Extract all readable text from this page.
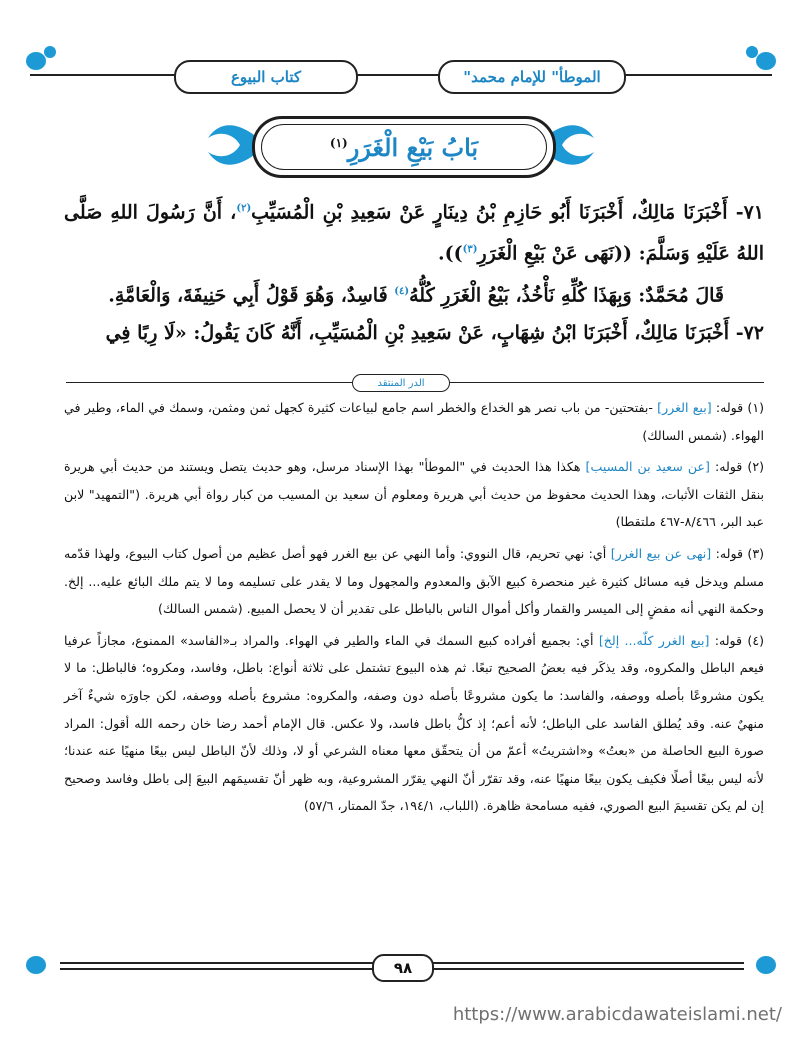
كتاب البيوع	"الموطأ" للإمام محمد
بَابُ بَيْعِ الْغَرَرِ$^{(١)}$
٧١- أَخْبَرَنَا مَالِكٌ، أَخْبَرَنَا أَبُو حَازِمِ بْنُ دِينَارٍ عَنْ سَعِيدِ بْنِ الْمُسَيِّبِ$^{(٢)}$، أَنَّ رَسُولَ اللهِ صَلَّى اللهُ عَلَيْهِ وَسَلَّمَ: ((نَهَى عَنْ بَيْعِ الْغَرَرِ$^{(٣)}$)).
قَالَ مُحَمَّدٌ: وَبِهَذَا كُلِّهِ نَأْخُذُ، بَيْعُ الْغَرَرِ كُلُّهُ$^{(٤)}$ فَاسِدٌ، وَهُوَ قَوْلُ أَبِي حَنِيفَةَ، وَالْعَامَّةِ.
٧٢- أَخْبَرَنَا مَالِكٌ، أَخْبَرَنَا ابْنُ شِهَابٍ، عَنْ سَعِيدِ بْنِ الْمُسَيِّبِ، أَنَّهُ كَانَ يَقُولُ: «لَا رِبًا فِي
الدر المنتقد
(١) قوله: [بيع الغرر] -بفتحتين- من باب نصر هو الخداع والخطر اسم جامع لبياعات كثيرة كجهل ثمن ومثمن، وسمك في الماء، وطير في الهواء. (شمس السالك)
(٢) قوله: [عن سعيد بن المسيب] هكذا هذا الحديث في "الموطأ" بهذا الإسناد مرسل، وهو حديث يتصل ويستند من حديث أبي هريرة بنقل الثقات الأثبات، وهذا الحديث محفوظ من حديث أبي هريرة ومعلوم أن سعيد بن المسيب من كبار رواة أبي هريرة. ("التمهيد" لابن عبد البر، ٨/٤٦٦-٤٦٧ ملتقطا)
(٣) قوله: [نهى عن بيع الغرر] أي: نهي تحريم، قال النووي: وأما النهي عن بيع الغرر فهو أصل عظيم من أصول كتاب البيوع، ولهذا قدّمه مسلم ويدخل فيه مسائل كثيرة غير منحصرة كبيع الآبق والمعدوم والمجهول وما لا يقدر على تسليمه وما لا يتم ملك البائع عليه... إلخ. وحكمة النهي أنه مفضٍ إلى الميسر والقمار وأكل أموال الناس بالباطل على تقدير أن لا يحصل المبيع. (شمس السالك)
(٤) قوله: [بيع الغرر كلّه... إلخ] أي: بجميع أفراده كبيع السمك في الماء والطير في الهواء. والمراد بـ«الفاسد» الممنوع، مجازاً عرفيا فيعم الباطل والمكروه، وقد يذكَر فيه بعضُ الصحيح تبعًا. ثم هذه البيوع تشتمل على ثلاثة أنواع: باطل، وفاسد، ومكروه؛ فالباطل: ما لا يكون مشروعًا بأصله ووصفه، والفاسد: ما يكون مشروعًا بأصله دون وصفه، والمكروه: مشروع بأصله ووصفه، لكن جاورَه شيءٌ آخر منهيٌ عنه. وقد يُطلق الفاسد على الباطل؛ لأنه أعم؛ إذ كلُّ باطل فاسد، ولا عكس. قال الإمام أحمد رضا خان رحمه الله أقول: المراد صورة البيع الحاصلة من «بعتُ» و«اشتريتُ» أعمّ من أن يتحقّق معها معناه الشرعي أو لا، وذلك لأنّ الباطل ليس بيعًا منهيًا عنه عندنا؛ لأنه ليس بيعًا أصلًا فكيف يكون بيعًا منهيًا عنه، وقد تقرّر أنّ النهي يقرّر المشروعية، وبه ظهر أنّ تقسيمَهم البيعَ إلى باطل وفاسد وصحيح إن لم يكن تقسيمَ البيع الصوري، ففيه مسامحة ظاهرة. (اللباب، ١٩٤/١، جدّ الممتار، ٥٧/٦)
٩٨
https://www.arabicdawateislami.net/
